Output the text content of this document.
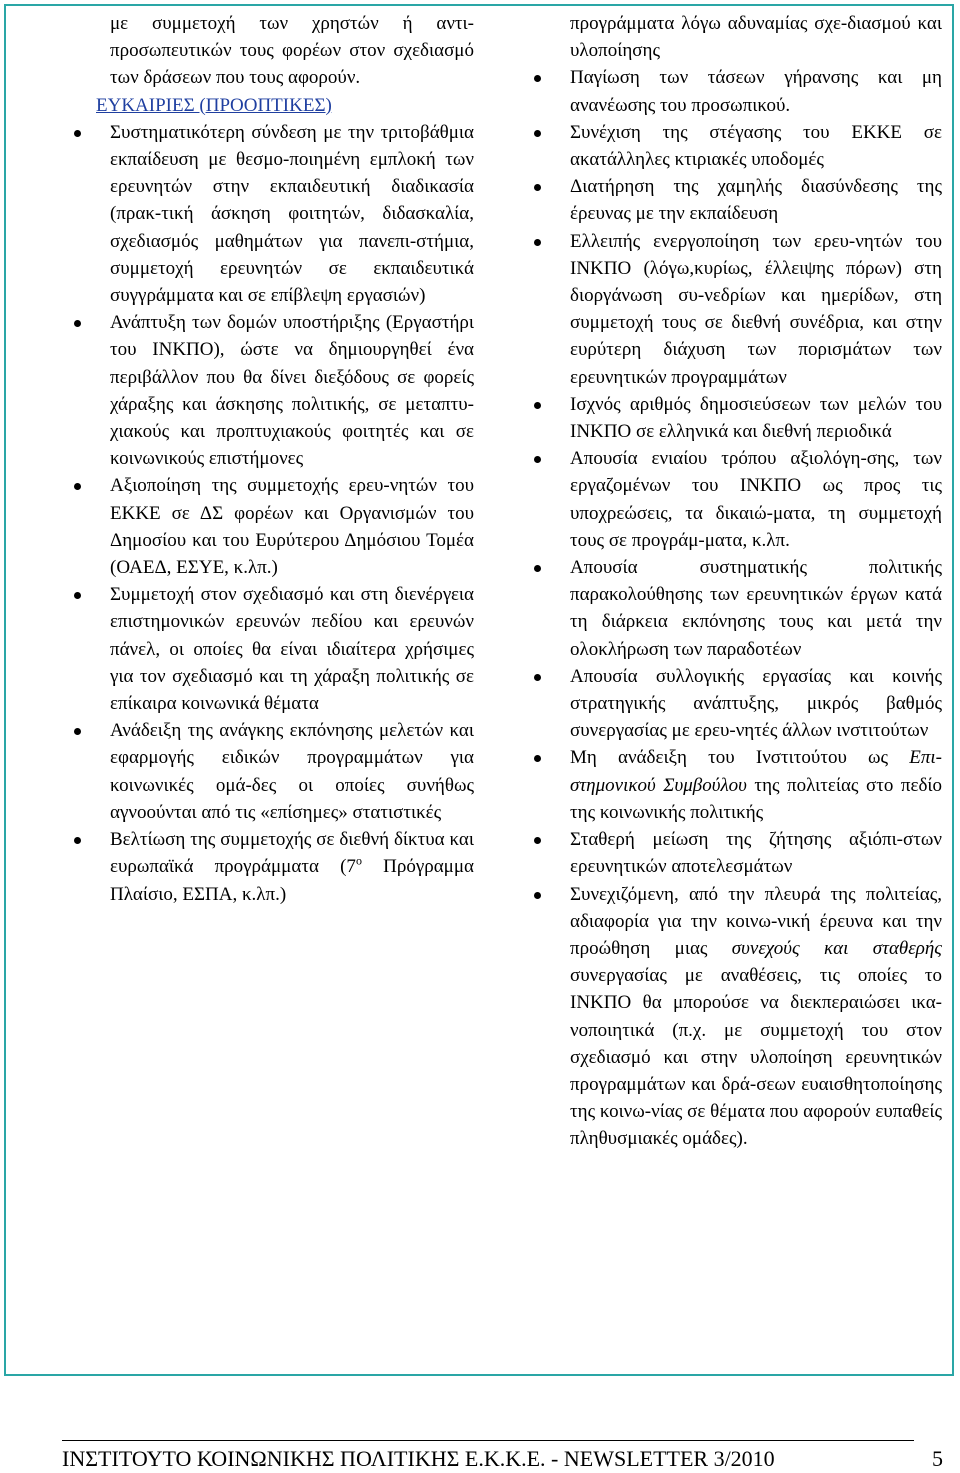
με συμμετοχή των χρηστών ή αντι-προσωπευτικών τους φορέων στον σχεδιασμό των δράσεων που τους αφορούν.

ΕΥΚΑΙΡΙΕΣ (ΠΡΟΟΠΤΙΚΕΣ)

Συστηματικότερη σύνδεση με την τριτοβάθμια εκπαίδευση με θεσμο-ποιημένη εμπλοκή των ερευνητών στην εκπαιδευτική διαδικασία (πρακ-τική άσκηση φοιτητών, διδασκαλία, σχεδιασμός μαθημάτων για πανεπι-στήμια, συμμετοχή ερευνητών σε εκπαιδευτικά συγγράμματα και σε επίβλεψη εργασιών)
Ανάπτυξη των δομών υποστήριξης (Εργαστήρι του ΙΝΚΠΟ), ώστε να δημιουργηθεί ένα περιβάλλον που θα δίνει διεξόδους σε φορείς χάραξης και άσκησης πολιτικής, σε μεταπτυ-χιακούς και προπτυχιακούς φοιτητές και σε κοινωνικούς επιστήμονες
Αξιοποίηση της συμμετοχής ερευ-νητών του ΕΚΚΕ σε ΔΣ φορέων και Οργανισμών του Δημοσίου και του Ευρύτερου Δημόσιου Τομέα (ΟΑΕΔ, ΕΣΥΕ, κ.λπ.)
Συμμετοχή στον σχεδιασμό και στη διενέργεια επιστημονικών ερευνών πεδίου και ερευνών πάνελ, οι οποίες θα είναι ιδιαίτερα χρήσιμες για τον σχεδιασμό και τη χάραξη πολιτικής σε επίκαιρα κοινωνικά θέματα
Ανάδειξη της ανάγκης εκπόνησης μελετών και εφαρμογής ειδικών προγραμμάτων για κοινωνικές ομά-δες οι οποίες συνήθως αγνοούνται από τις «επίσημες» στατιστικές
Βελτίωση της συμμετοχής σε διεθνή δίκτυα και ευρωπαϊκά προγράμματα ($7^o$ Πρόγραμμα Πλαίσιο, ΕΣΠΑ, κ.λπ.)

προγράμματα λόγω αδυναμίας σχε-διασμού και υλοποίησης

Παγίωση των τάσεων γήρανσης και μη ανανέωσης του προσωπικού.
Συνέχιση της στέγασης του ΕΚΚΕ σε ακατάλληλες κτιριακές υποδομές
Διατήρηση της χαμηλής διασύνδεσης της έρευνας με την εκπαίδευση
Ελλειπής ενεργοποίηση των ερευ-νητών του ΙΝΚΠΟ (λόγω,κυρίως, έλλειψης πόρων) στη διοργάνωση συ-νεδρίων και ημερίδων, στη συμμετοχή τους σε διεθνή συνέδρια, και στην ευρύτερη διάχυση των πορισμάτων των ερευνητικών προγραμμάτων
Ισχνός αριθμός δημοσιεύσεων των μελών του ΙΝΚΠΟ σε ελληνικά και διεθνή περιοδικά
Απουσία ενιαίου τρόπου αξιολόγη-σης, των εργαζομένων του ΙΝΚΠΟ ως προς τις υποχρεώσεις, τα δικαιώ-ματα, τη συμμετοχή τους σε προγράμ-ματα, κ.λπ.
Απουσία συστηματικής πολιτικής παρακολούθησης των ερευνητικών έργων κατά τη διάρκεια εκπόνησης τους και μετά την ολοκλήρωση των παραδοτέων
Απουσία συλλογικής εργασίας και κοινής στρατηγικής ανάπτυξης, μικρός βαθμός συνεργασίας με ερευ-νητές άλλων ινστιτούτων
Μη ανάδειξη του Ινστιτούτου ως Επι-στημονικού Συμβούλου της πολιτείας στο πεδίο της κοινωνικής πολιτικής
Σταθερή μείωση της ζήτησης αξιόπι-στων ερευνητικών αποτελεσμάτων
Συνεχιζόμενη, από την πλευρά της πολιτείας, αδιαφορία για την κοινω-νική έρευνα και την προώθηση μιας συνεχούς και σταθερής συνεργασίας με αναθέσεις, τις οποίες το ΙΝΚΠΟ θα μπορούσε να διεκπεραιώσει ικα-νοποιητικά (π.χ. με συμμετοχή του στον σχεδιασμό και στην υλοποίηση ερευνητικών προγραμμάτων και δρά-σεων ευαισθητοποίησης της κοινω-νίας σε θέματα που αφορούν ευπαθείς πληθυσμιακές ομάδες).
ΙΝΣΤΙΤΟΥΤΟ ΚΟΙΝΩΝΙΚΗΣ ΠΟΛΙΤΙΚΗΣ Ε.Κ.Κ.Ε. - NEWSLETTER 3/2010	5
